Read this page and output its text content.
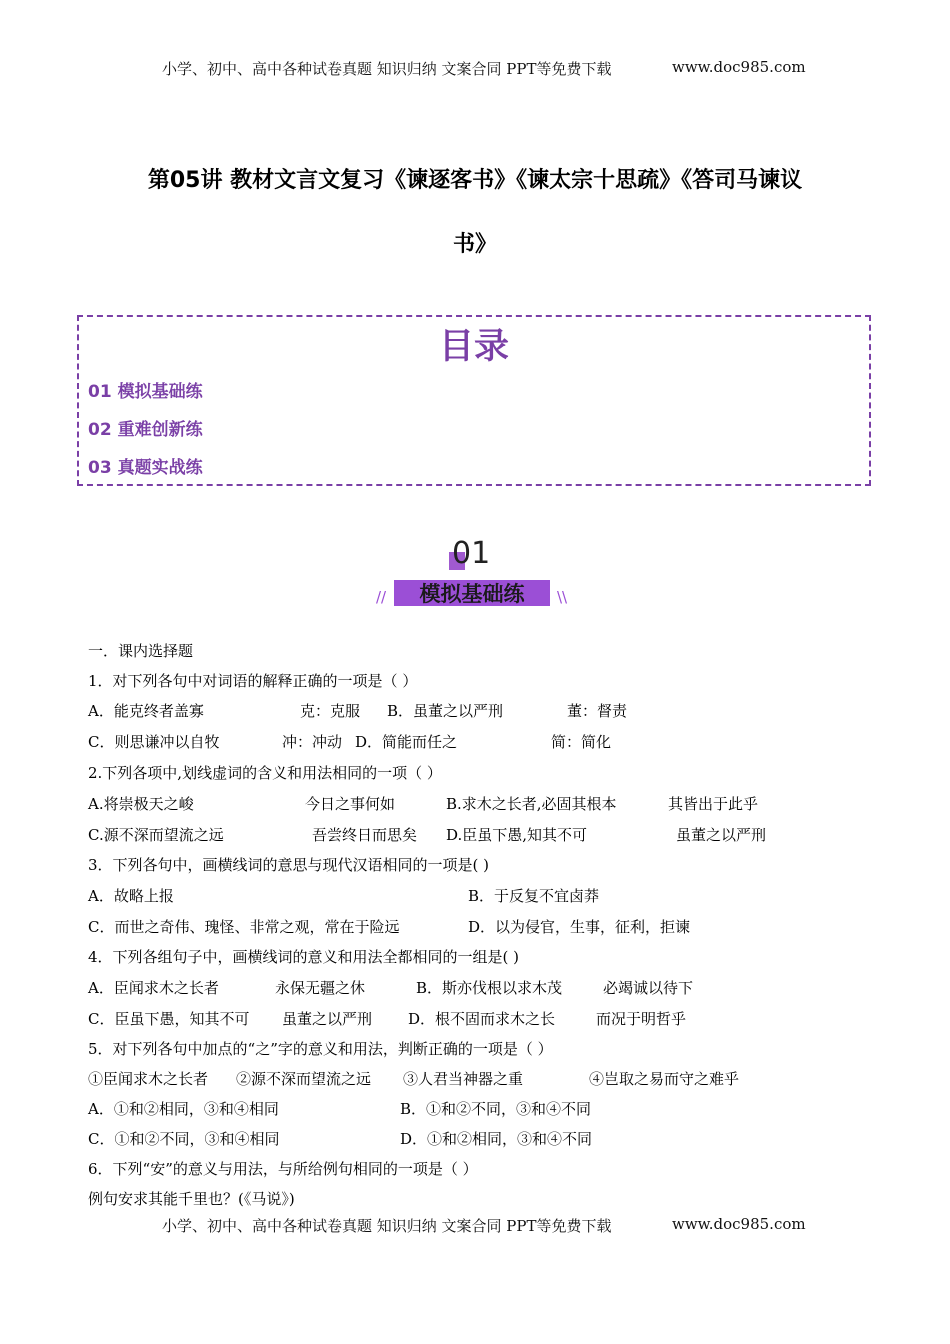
小学、初中、高中各种试卷真题 知识归纳 文案合同 PPT等免费下载	www.doc985.com
第05讲 教材文言文复习《谏逐客书》《谏太宗十思疏》《答司马谏议
书》
目录
01 模拟基础练
02 重难创新练
03 真题实战练
01
模拟基础练
//	\\
一．课内选择题
1．对下列各句中对词语的解释正确的一项是（ ）
A．能克终者盖寡	克：克服 B．虽董之以严刑	董：督责
C．则思谦冲以自牧	冲：冲动 D．简能而任之	简：简化
2.下列各项中,划线虚词的含义和用法相同的一项（ ）
A.将崇极天之峻	今日之事何如	B.求木之长者,必固其根本	其皆出于此乎
C.源不深而望流之远	吾尝终日而思矣 D.臣虽下愚,知其不可	虽董之以严刑
3．下列各句中，画横线词的意思与现代汉语相同的一项是( )
A．故略上报	B．于反复不宜卤莽
C．而世之奇伟、瑰怪、非常之观，常在于险远	D．以为侵官，生事，征利，拒谏
4．下列各组句子中，画横线词的意义和用法全都相同的一组是( )
A．臣闻求木之长者	永保无疆之休	B．斯亦伐根以求木茂	必竭诚以待下
C．臣虽下愚，知其不可 虽董之以严刑 D．根不固而求木之长	而况于明哲乎
5．对下列各句中加点的“之”字的意义和用法，判断正确的一项是（ ）
①臣闻求木之长者 ②源不深而望流之远 ③人君当神器之重	④岂取之易而守之难乎
A．①和②相同，③和④相同	B．①和②不同，③和④不同
C．①和②不同，③和④相同	D．①和②相同，③和④不同
6．下列“安”的意义与用法，与所给例句相同的一项是（ ）
例句安求其能千里也？(《马说》)
小学、初中、高中各种试卷真题 知识归纳 文案合同 PPT等免费下载	www.doc985.com
